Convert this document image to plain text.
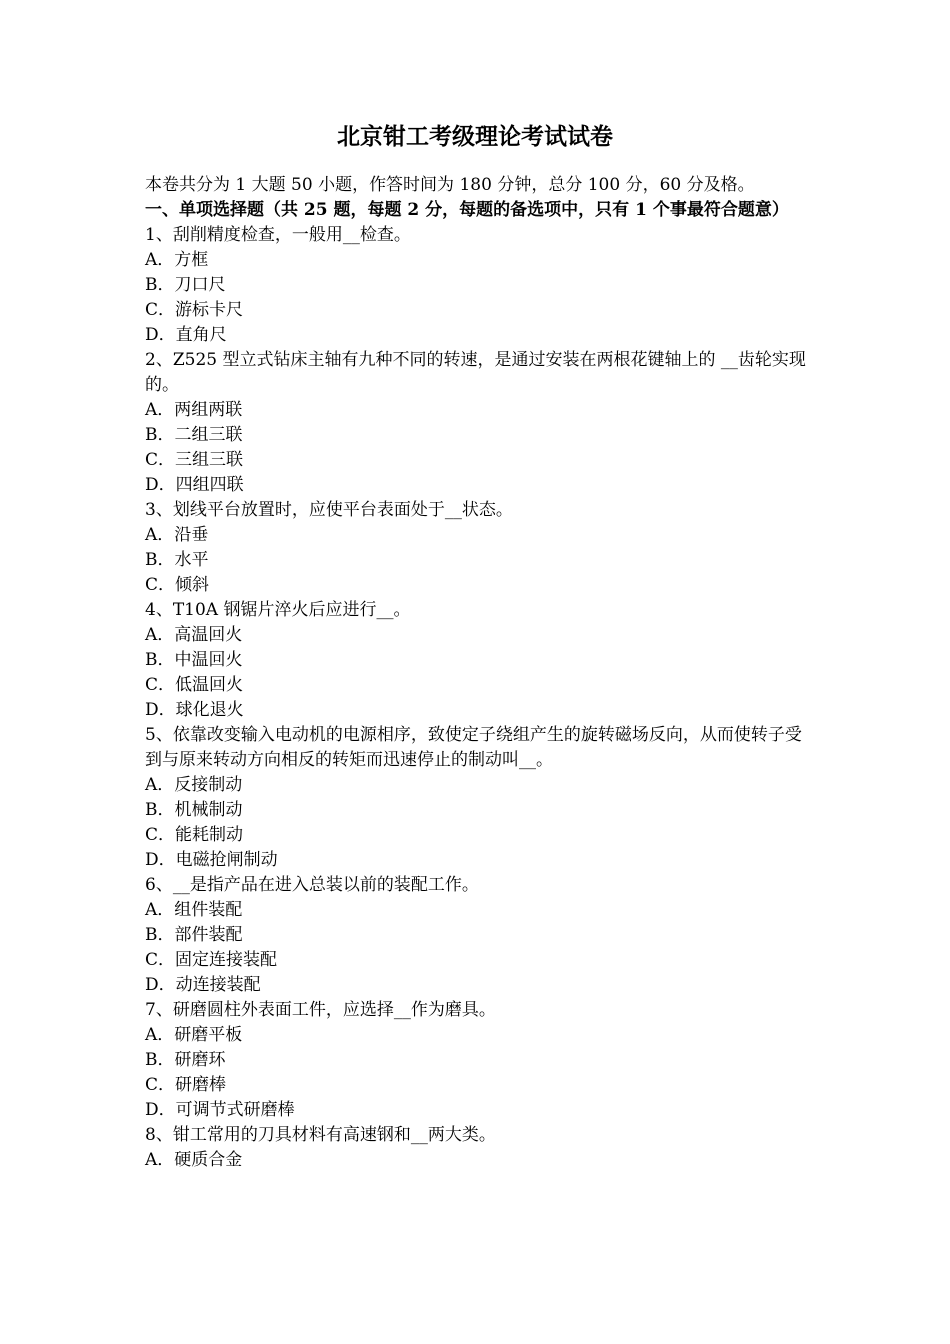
北京钳工考级理论考试试卷
本卷共分为 1 大题 50 小题，作答时间为 180 分钟，总分 100 分，60 分及格。
一、单项选择题（共 25 题，每题 2 分，每题的备选项中，只有 1 个事最符合题意）
1、刮削精度检查，一般用__检查。
A．方框
B．刀口尺
C．游标卡尺
D．直角尺
2、Z525 型立式钻床主轴有九种不同的转速，是通过安装在两根花键轴上的 __齿轮实现的。
A．两组两联
B．二组三联
C．三组三联
D．四组四联
3、划线平台放置时，应使平台表面处于__状态。
A．沿垂
B．水平
C．倾斜
4、T10A 钢锯片淬火后应进行__。
A．高温回火
B．中温回火
C．低温回火
D．球化退火
5、依靠改变输入电动机的电源相序，致使定子绕组产生的旋转磁场反向，从而使转子受到与原来转动方向相反的转矩而迅速停止的制动叫__。
A．反接制动
B．机械制动
C．能耗制动
D．电磁抢闸制动
6、__是指产品在进入总装以前的装配工作。
A．组件装配
B．部件装配
C．固定连接装配
D．动连接装配
7、研磨圆柱外表面工件，应选择__作为磨具。
A．研磨平板
B．研磨环
C．研磨棒
D．可调节式研磨棒
8、钳工常用的刀具材料有高速钢和__两大类。
A．硬质合金
